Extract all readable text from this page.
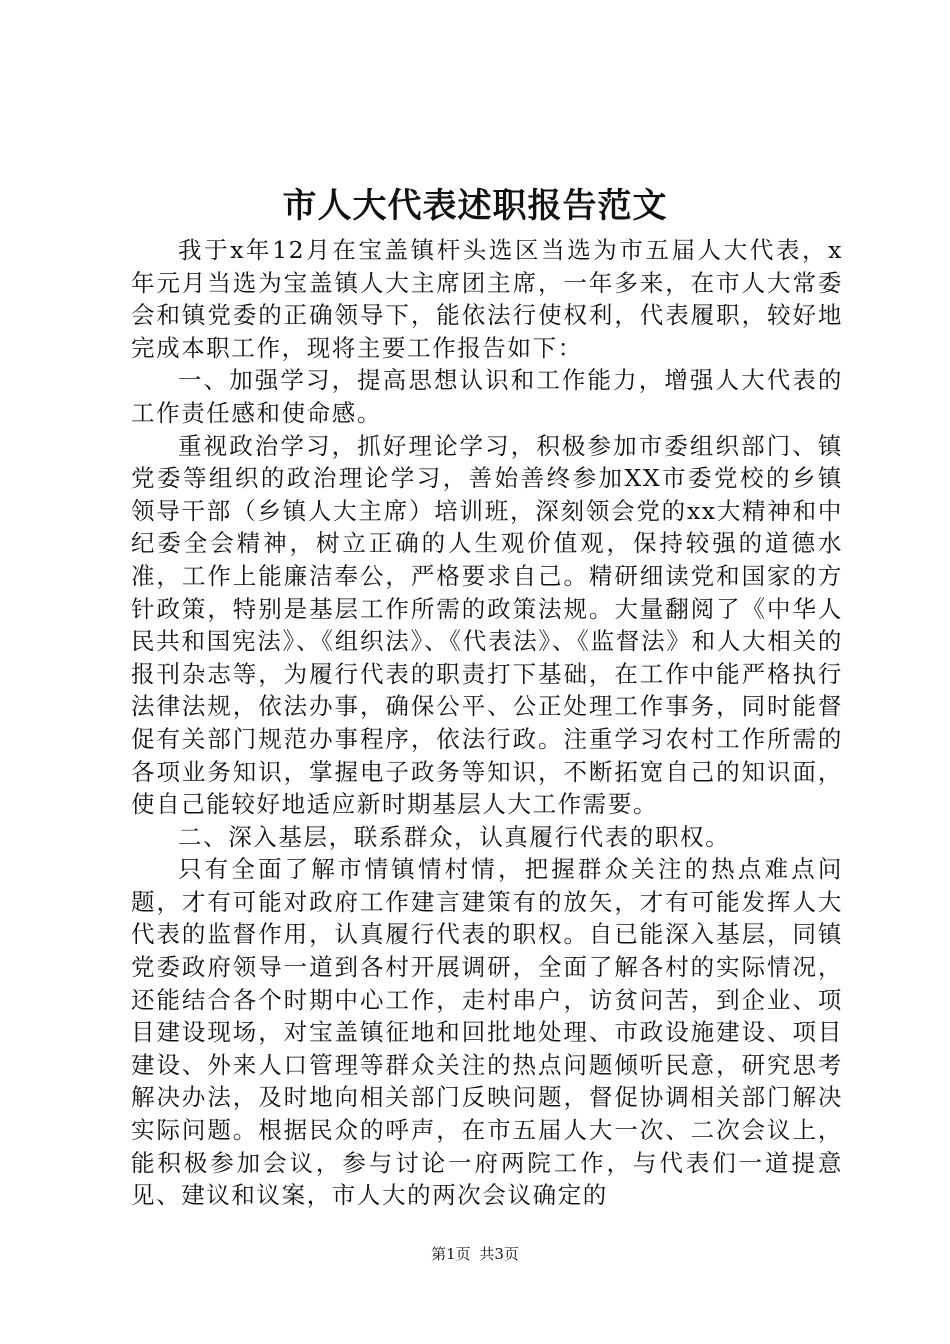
市人大代表述职报告范文

我于x年12月在宝盖镇杆头选区当选为市五届人大代表，x年元月当选为宝盖镇人大主席团主席，一年多来，在市人大常委会和镇党委的正确领导下，能依法行使权利，代表履职，较好地完成本职工作，现将主要工作报告如下：

一、加强学习，提高思想认识和工作能力，增强人大代表的工作责任感和使命感。

重视政治学习，抓好理论学习，积极参加市委组织部门、镇党委等组织的政治理论学习，善始善终参加XX市委党校的乡镇领导干部（乡镇人大主席）培训班，深刻领会党的xx大精神和中纪委全会精神，树立正确的人生观价值观，保持较强的道德水准，工作上能廉洁奉公，严格要求自己。精研细读党和国家的方针政策，特别是基层工作所需的政策法规。大量翻阅了《中华人民共和国宪法》、《组织法》、《代表法》、《监督法》和人大相关的报刊杂志等，为履行代表的职责打下基础，在工作中能严格执行法律法规，依法办事，确保公平、公正处理工作事务，同时能督促有关部门规范办事程序，依法行政。注重学习农村工作所需的各项业务知识，掌握电子政务等知识，不断拓宽自己的知识面，使自己能较好地适应新时期基层人大工作需要。

二、深入基层，联系群众，认真履行代表的职权。

只有全面了解市情镇情村情，把握群众关注的热点难点问题，才有可能对政府工作建言建策有的放矢，才有可能发挥人大代表的监督作用，认真履行代表的职权。自已能深入基层，同镇党委政府领导一道到各村开展调研，全面了解各村的实际情况，还能结合各个时期中心工作，走村串户，访贫问苦，到企业、项目建设现场，对宝盖镇征地和回批地处理、市政设施建设、项目建设、外来人口管理等群众关注的热点问题倾听民意，研究思考解决办法，及时地向相关部门反映问题，督促协调相关部门解决实际问题。根据民众的呼声，在市五届人大一次、二次会议上，能积极参加会议，参与讨论一府两院工作，与代表们一道提意见、建议和议案，市人大的两次会议确定的

第1页 共3页
